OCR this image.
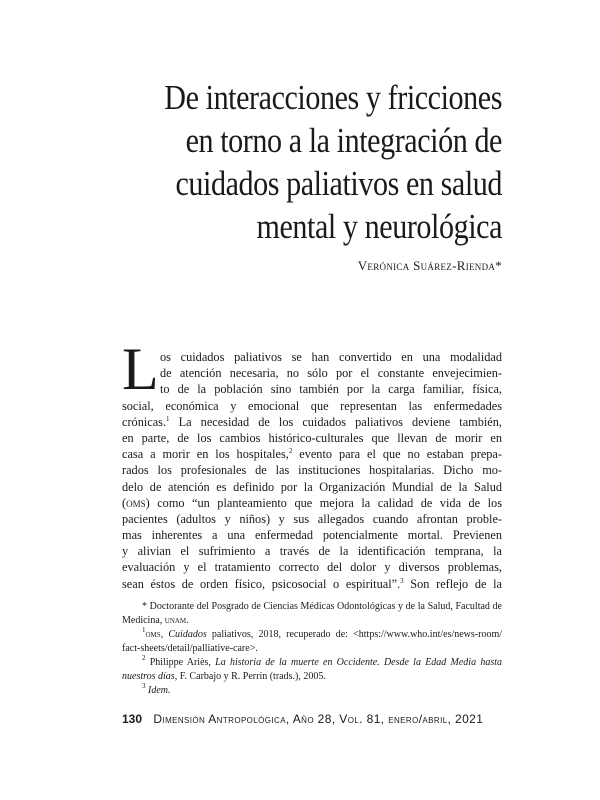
De interacciones y fricciones
en torno a la integración de
cuidados paliativos en salud
mental y neurológica
Verónica Suárez-Rienda*
L os cuidados paliativos se han convertido en una modalidad
de atención necesaria, no sólo por el constante envejecimien-
to de la población sino también por la carga familiar, física,
social, económica y emocional que representan las enfermedades
crónicas.$^1$ La necesidad de los cuidados paliativos deviene también,
en parte, de los cambios histórico-culturales que llevan de morir en
casa a morir en los hospitales,$^2$ evento para el que no estaban prepa-
rados los profesionales de las instituciones hospitalarias. Dicho mo-
delo de atención es definido por la Organización Mundial de la Salud
(oms) como “un planteamiento que mejora la calidad de vida de los
pacientes (adultos y niños) y sus allegados cuando afrontan proble-
mas inherentes a una enfermedad potencialmente mortal. Previenen
y alivian el sufrimiento a través de la identificación temprana, la
evaluación y el tratamiento correcto del dolor y diversos problemas,
sean éstos de orden físico, psicosocial o espiritual”.$^3$ Son reflejo de la
* Doctorante del Posgrado de Ciencias Médicas Odontológicas y de la Salud, Facultad de Medicina, unam.
$^1$oms, Cuidados paliativos, 2018, recuperado de: <https://www.who.int/es/news-room/ fact-sheets/detail/palliative-care>.
$^2$ Philippe Ariès, La historia de la muerte en Occidente. Desde la Edad Media hasta nuestros días, F. Carbajo y R. Perrín (trads.), 2005.
$^3$ Idem.
130 Dimensión Antropológica, Año 28, Vol. 81, enero/abril, 2021
